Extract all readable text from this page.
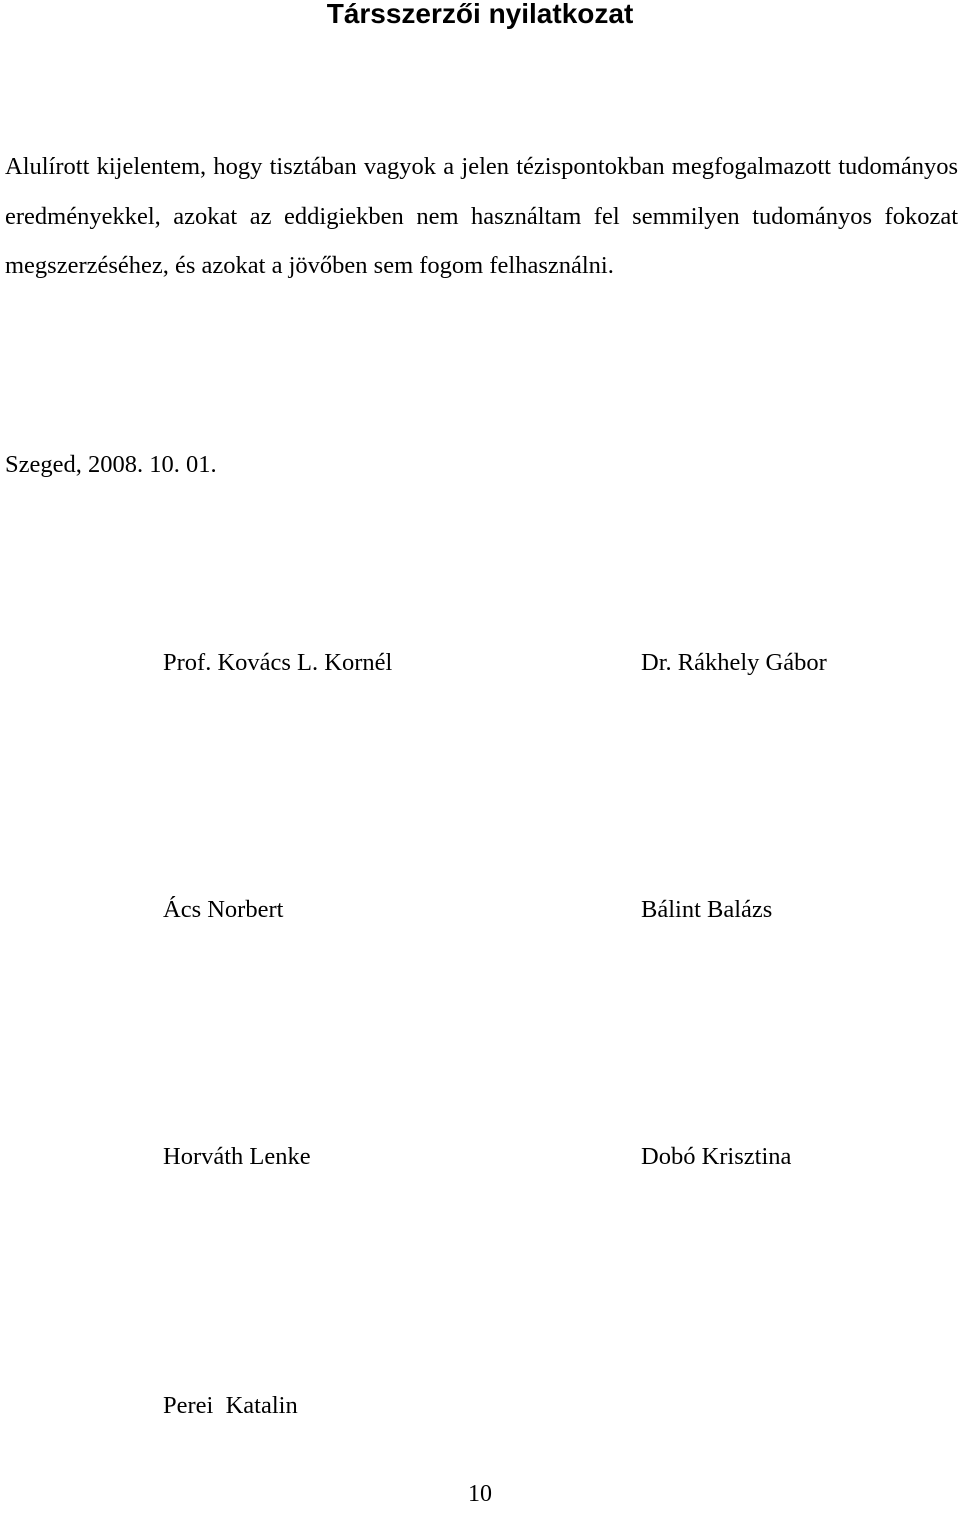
Társszerzői nyilatkozat

Alulírott kijelentem, hogy tisztában vagyok a jelen tézispontokban megfogalmazott tudományos eredményekkel, azokat az eddigiekben nem használtam fel semmilyen tudományos fokozat megszerzéséhez, és azokat a jövőben sem fogom felhasználni.

Szeged, 2008. 10. 01.

Prof. Kovács L. Kornél	Dr. Rákhely Gábor

Ács Norbert	Bálint Balázs

Horváth Lenke	Dobó Krisztina

Perei  Katalin

10
